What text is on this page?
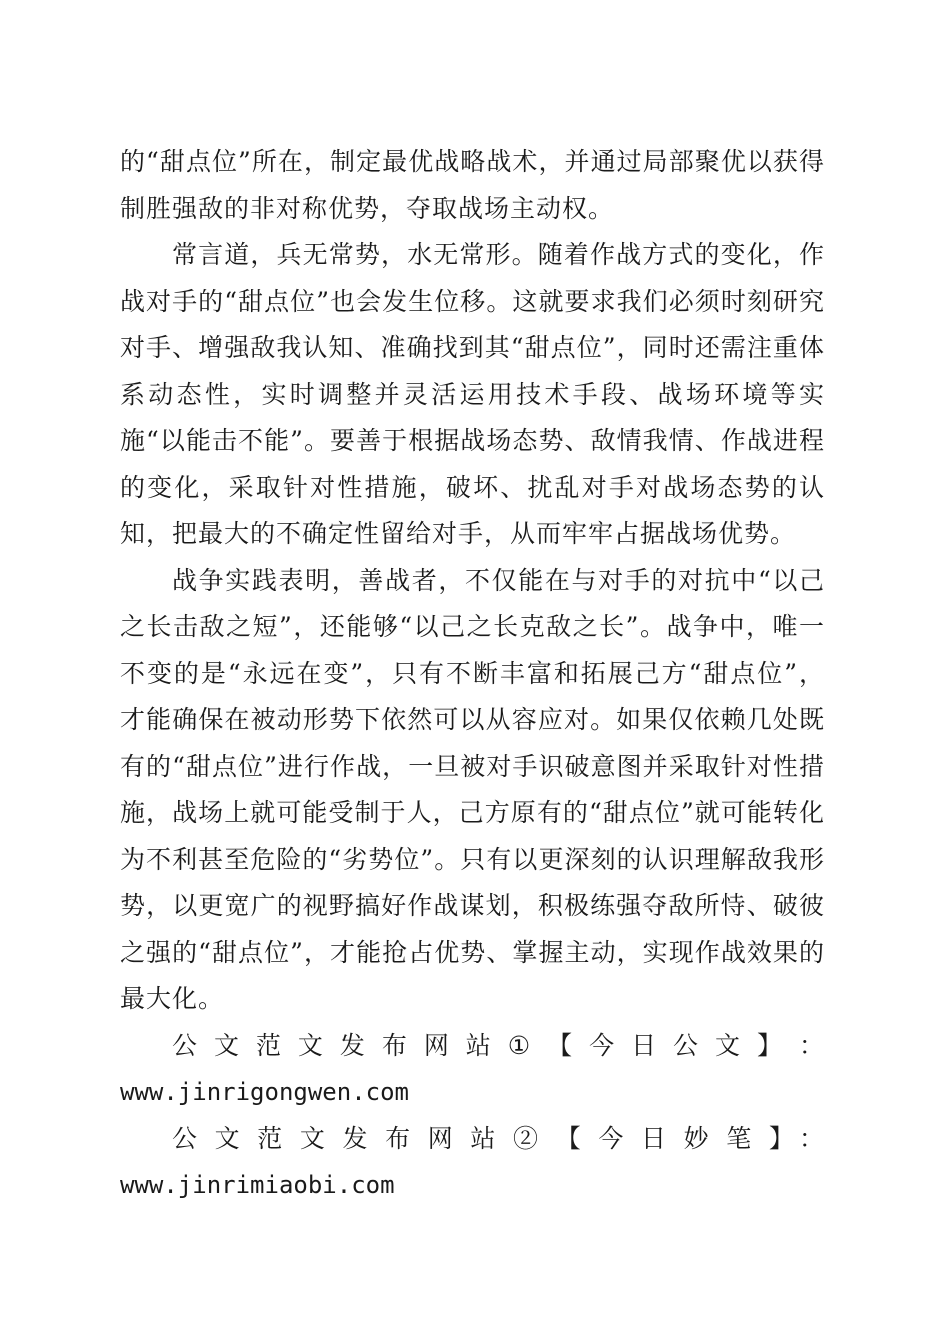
的“甜点位”所在，制定最优战略战术，并通过局部聚优以获得制胜强敌的非对称优势，夺取战场主动权。

常言道，兵无常势，水无常形。随着作战方式的变化，作战对手的“甜点位”也会发生位移。这就要求我们必须时刻研究对手、增强敌我认知、准确找到其“甜点位”，同时还需注重体系动态性，实时调整并灵活运用技术手段、战场环境等实施“以能击不能”。要善于根据战场态势、敌情我情、作战进程的变化，采取针对性措施，破坏、扰乱对手对战场态势的认知，把最大的不确定性留给对手，从而牢牢占据战场优势。

战争实践表明，善战者，不仅能在与对手的对抗中“以己之长击敌之短”，还能够“以己之长克敌之长”。战争中，唯一不变的是“永远在变”，只有不断丰富和拓展己方“甜点位”，才能确保在被动形势下依然可以从容应对。如果仅依赖几处既有的“甜点位”进行作战，一旦被对手识破意图并采取针对性措施，战场上就可能受制于人，己方原有的“甜点位”就可能转化为不利甚至危险的“劣势位”。只有以更深刻的认识理解敌我形势，以更宽广的视野搞好作战谋划，积极练强夺敌所恃、破彼之强的“甜点位”，才能抢占优势、掌握主动，实现作战效果的最大化。

公 文 范 文 发 布 网 站 ① 【 今 日 公 文 】 ：

www.jinrigongwen.com

公文范文发布网站②【今日妙笔】：www.jinrimiaobi.com
